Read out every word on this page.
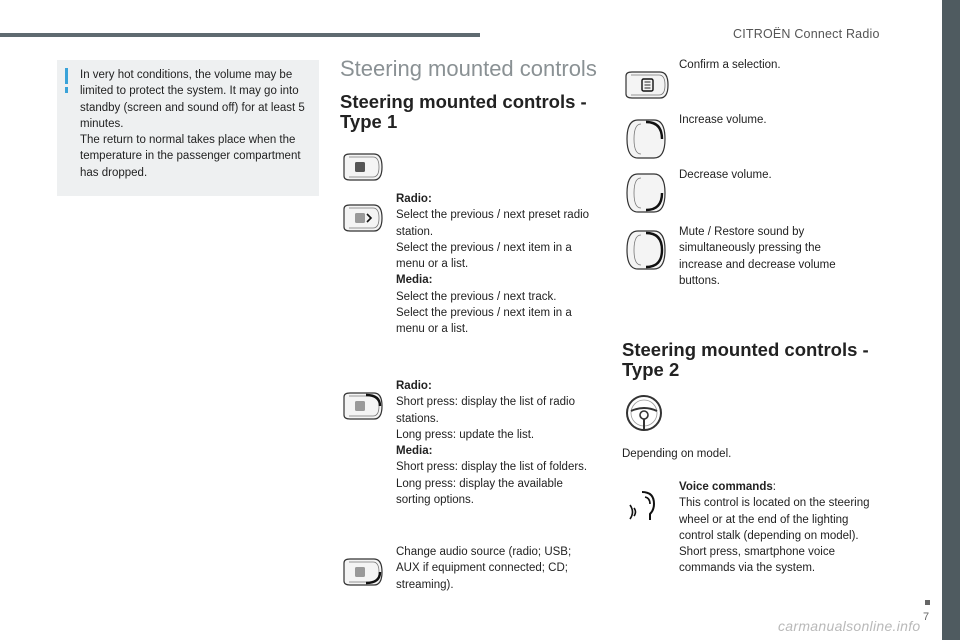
CITROËN Connect Radio

In very hot conditions, the volume may be limited to protect the system. It may go into standby (screen and sound off) for at least 5 minutes.

The return to normal takes place when the temperature in the passenger compartment has dropped.

Steering mounted controls
Steering mounted controls - Type 1

Radio:

Select the previous / next preset radio station.

Select the previous / next item in a menu or a list.

Media:

Select the previous / next track.

Select the previous / next item in a menu or a list.

Radio:

Short press: display the list of radio stations.

Long press: update the list.

Media:

Short press: display the list of folders.

Long press: display the available sorting options.

Change audio source (radio; USB; AUX if equipment connected; CD; streaming).
Confirm a selection.
Increase volume.
Decrease volume.
Mute / Restore sound by simultaneously pressing the increase and decrease volume buttons.
Steering mounted controls - Type 2
Depending on model.

Voice commands:

This control is located on the steering wheel or at the end of the lighting control stalk (depending on model).

Short press, smartphone voice commands via the system.

7
carmanualsonline.info
